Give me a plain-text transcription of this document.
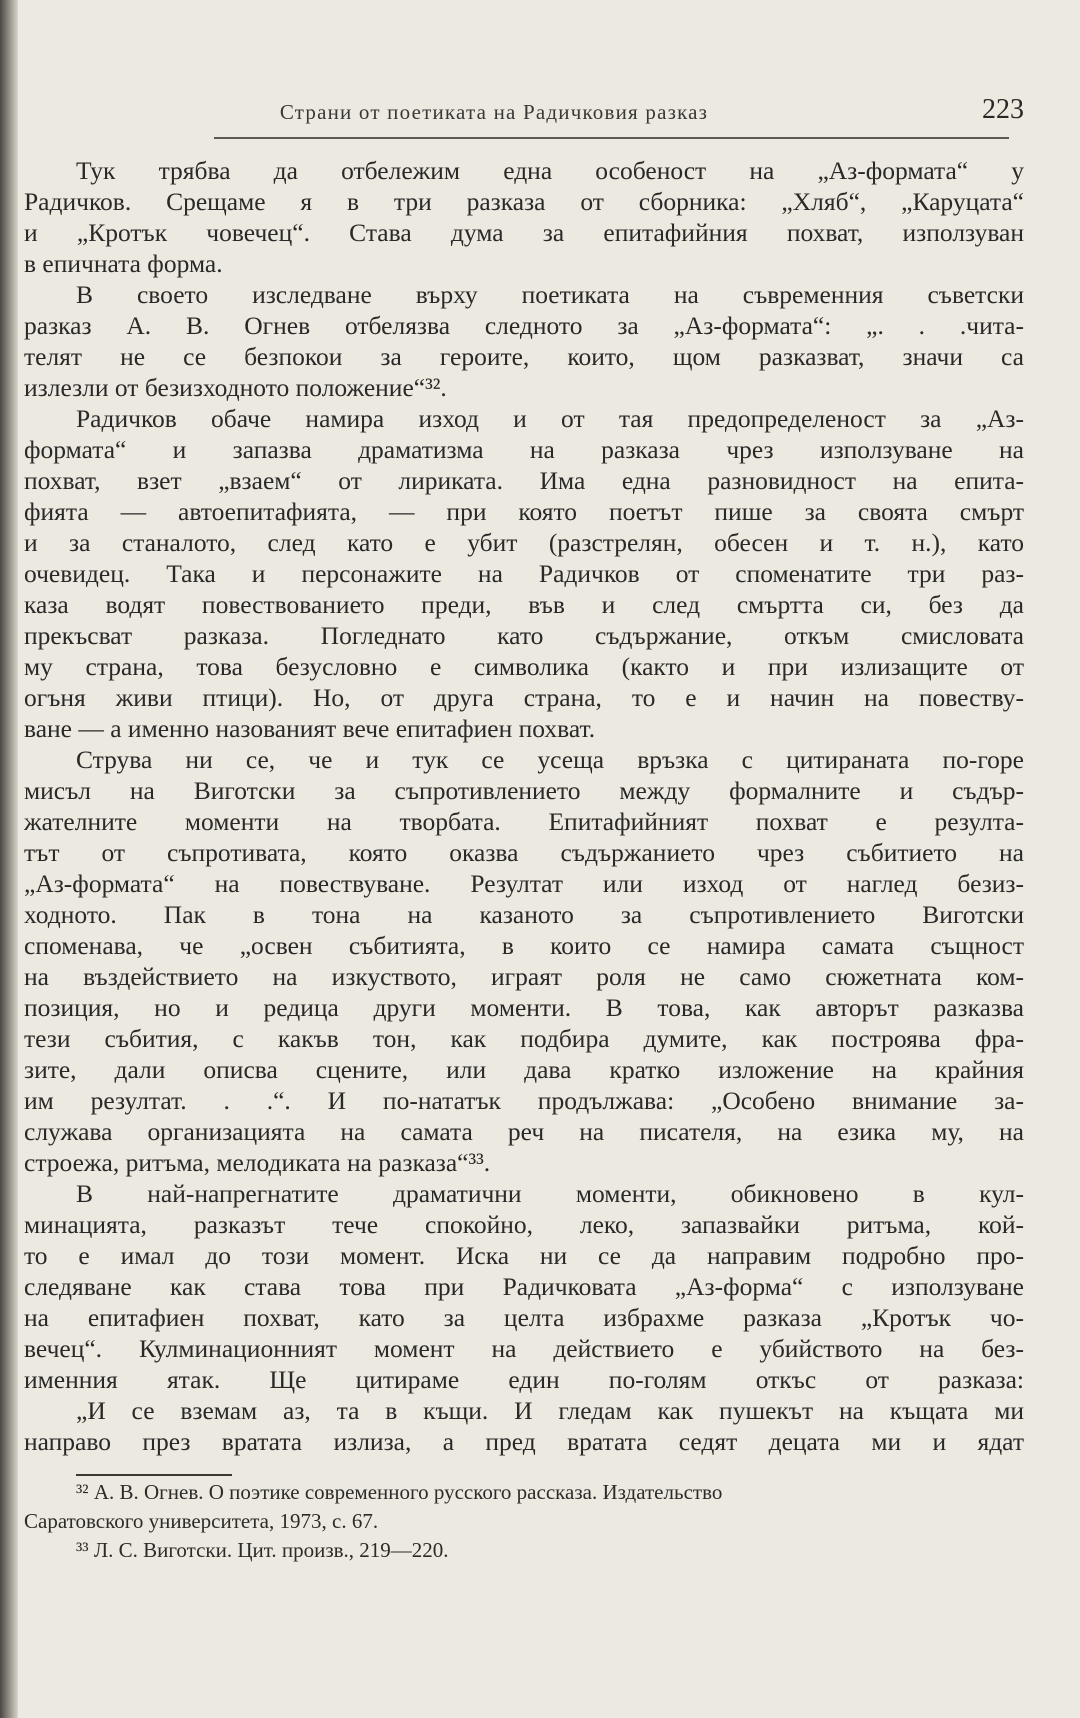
Страни от поетиката на Радичковия разказ	223
Тук трябва да отбележим една особеност на „Аз-формата“ у
Радичков. Срещаме я в три разказа от сборника: „Хляб“, „Каруцата“
и „Кротък човечец“. Става дума за епитафийния похват, използуван
в епичната форма.
В своето изследване върху поетиката на съвременния съветски
разказ А. В. Огнев отбелязва следното за „Аз-формата“: „. . .чита-
телят не се безпокои за героите, които, щом разказват, значи са
излезли от безизходното положение“³².
Радичков обаче намира изход и от тая предопределеност за „Аз-
формата“ и запазва драматизма на разказа чрез използуване на
похват, взет „взаем“ от лириката. Има една разновидност на епита-
фията — автоепитафията, — при която поетът пише за своята смърт
и за станалото, след като е убит (разстрелян, обесен и т. н.), като
очевидец. Така и персонажите на Радичков от споменатите три раз-
каза водят повествованието преди, във и след смъртта си, без да
прекъсват разказа. Погледнато като съдържание, откъм смисловата
му страна, това безусловно е символика (както и при излизащите от
огъня живи птици). Но, от друга страна, то е и начин на повеству-
ване — а именно назованият вече епитафиен похват.
Струва ни се, че и тук се усеща връзка с цитираната по-горе
мисъл на Виготски за съпротивлението между формалните и съдър-
жателните моменти на творбата. Епитафийният похват е резулта-
тът от съпротивата, която оказва съдържанието чрез събитието на
„Аз-формата“ на повествуване. Резултат или изход от наглед безиз-
ходното. Пак в тона на казаното за съпротивлението Виготски
споменава, че „освен събитията, в които се намира самата същност
на въздействието на изкуството, играят роля не само сюжетната ком-
позиция, но и редица други моменти. В това, как авторът разказва
тези събития, с какъв тон, как подбира думите, как построява фра-
зите, дали описва сцените, или дава кратко изложение на крайния
им резултат. . .“. И по-нататък продължава: „Особено внимание за-
служава организацията на самата реч на писателя, на езика му, на
строежа, ритъма, мелодиката на разказа“³³.
В най-напрегнатите драматични моменти, обикновено в кул-
минацията, разказът тече спокойно, леко, запазвайки ритъма, кой-
то е имал до този момент. Иска ни се да направим подробно про-
следяване как става това при Радичковата „Аз-форма“ с използуване
на епитафиен похват, като за целта избрахме разказа „Кротък чо-
вечец“. Кулминационният момент на действието е убийството на без-
именния ятак. Ще цитираме един по-голям откъс от разказа:
„И се вземам аз, та в къщи. И гледам как пушекът на къщата ми
направо през вратата излиза, а пред вратата седят децата ми и ядат
³² А. В. Огнев. О поэтике современного русского рассказа. Издательство
Саратовского университета, 1973, с. 67.
³³ Л. С. Виготски. Цит. произв., 219—220.
